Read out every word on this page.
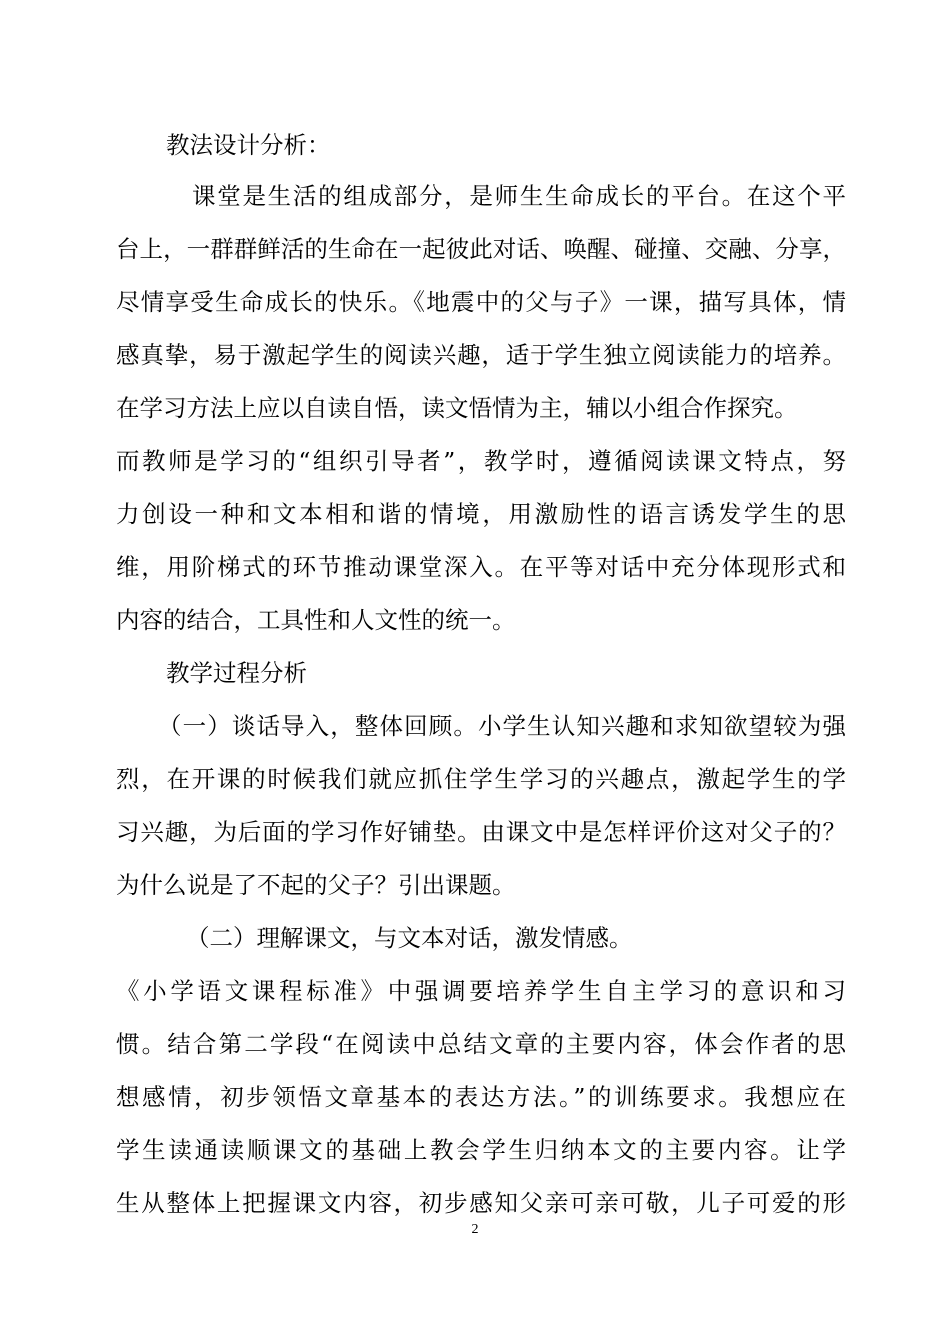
教法设计分析：
课堂是生活的组成部分，是师生生命成长的平台。在这个平
台上，一群群鲜活的生命在一起彼此对话、唤醒、碰撞、交融、分享，
尽情享受生命成长的快乐。《地震中的父与子》一课，描写具体，情
感真挚，易于激起学生的阅读兴趣，适于学生独立阅读能力的培养。
在学习方法上应以自读自悟，读文悟情为主，辅以小组合作探究。
而教师是学习的“组织引导者”，教学时，遵循阅读课文特点，努
力创设一种和文本相和谐的情境，用激励性的语言诱发学生的思
维，用阶梯式的环节推动课堂深入。在平等对话中充分体现形式和
内容的结合，工具性和人文性的统一。
教学过程分析
（一）谈话导入，整体回顾。小学生认知兴趣和求知欲望较为强
烈，在开课的时候我们就应抓住学生学习的兴趣点，激起学生的学
习兴趣，为后面的学习作好铺垫。由课文中是怎样评价这对父子的？
为什么说是了不起的父子？引出课题。
（二）理解课文，与文本对话，激发情感。
《小学语文课程标准》中强调要培养学生自主学习的意识和习
惯。结合第二学段“在阅读中总结文章的主要内容，体会作者的思
想感情，初步领悟文章基本的表达方法。”的训练要求。我想应在
学生读通读顺课文的基础上教会学生归纳本文的主要内容。让学
生从整体上把握课文内容，初步感知父亲可亲可敬，儿子可爱的形
2
